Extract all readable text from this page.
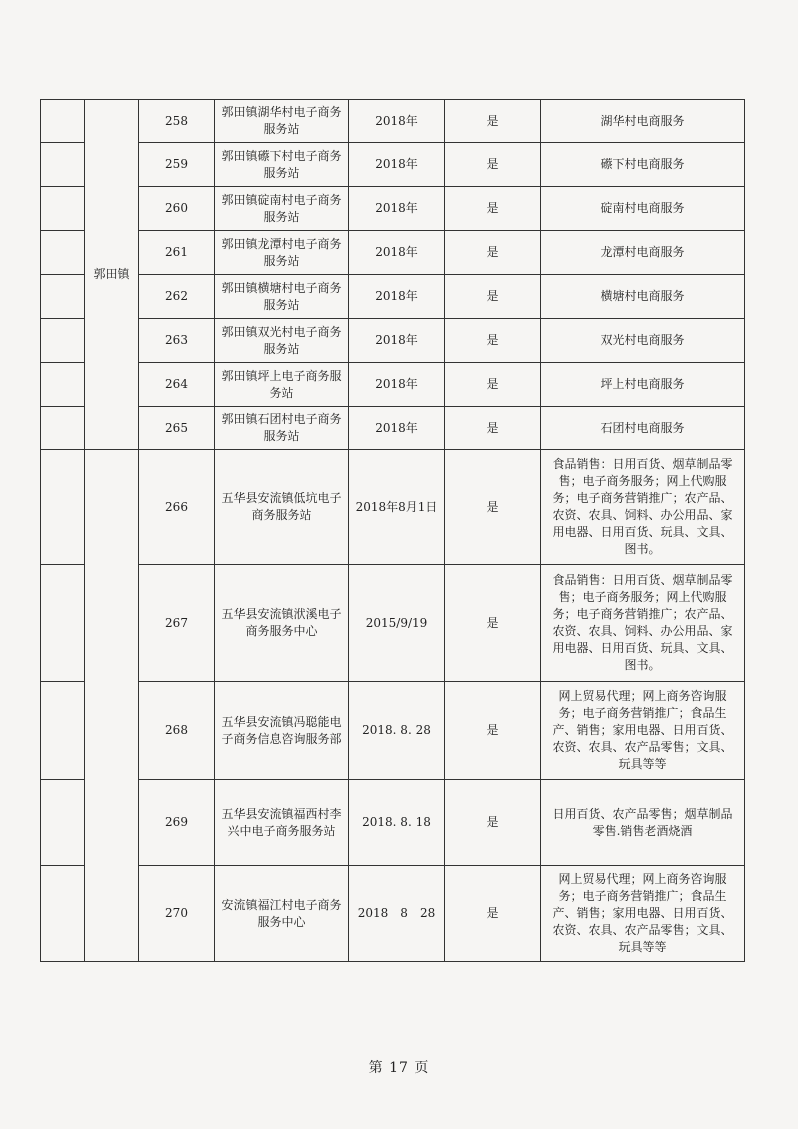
	郭田镇	258	郭田镇湖华村电子商务服务站	2018年	是	湖华村电商服务
		259	郭田镇礤下村电子商务服务站	2018年	是	礤下村电商服务
		260	郭田镇碇南村电子商务服务站	2018年	是	碇南村电商服务
		261	郭田镇龙潭村电子商务服务站	2018年	是	龙潭村电商服务
		262	郭田镇横塘村电子商务服务站	2018年	是	横塘村电商服务
		263	郭田镇双光村电子商务服务站	2018年	是	双光村电商服务
		264	郭田镇坪上电子商务服务站	2018年	是	坪上村电商服务
		265	郭田镇石团村电子商务服务站	2018年	是	石团村电商服务
		266	五华县安流镇低坑电子商务服务站	2018年8月1日	是	食品销售：日用百货、烟草制品零售；电子商务服务；网上代购服务；电子商务营销推广；农产品、农资、农具、饲料、办公用品、家用电器、日用百货、玩具、文具、图书。
		267	五华县安流镇洑溪电子商务服务中心	2015/9/19	是	食品销售：日用百货、烟草制品零售；电子商务服务；网上代购服务；电子商务营销推广；农产品、农资、农具、饲料、办公用品、家用电器、日用百货、玩具、文具、图书。
		268	五华县安流镇冯聪能电子商务信息咨询服务部	2018. 8. 28	是	网上贸易代理；网上商务咨询服务；电子商务营销推广；食品生产、销售；家用电器、日用百货、农资、农具、农产品零售；文具、玩具等等
		269	五华县安流镇福西村李兴中电子商务服务站	2018. 8. 18	是	日用百货、农产品零售；烟草制品零售.销售老酒烧酒
		270	安流镇福江村电子商务服务中心	2018　8　28	是	网上贸易代理；网上商务咨询服务；电子商务营销推广；食品生产、销售；家用电器、日用百货、农资、农具、农产品零售；文具、玩具等等
第 17 页
